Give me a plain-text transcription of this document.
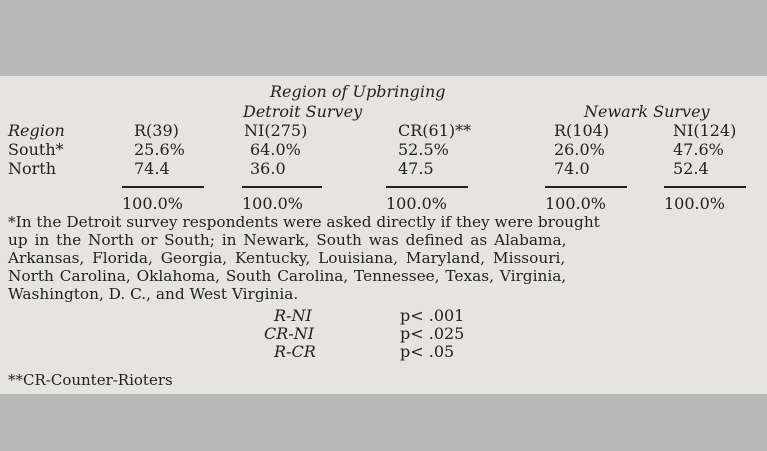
Region of Upbringing
Detroit Survey	Newark Survey
Region	R(39)	NI(275)	CR(61)**	R(104)	NI(124)
South*	25.6%	64.0%	52.5%	26.0%	47.6%
North	74.4	36.0	47.5	74.0	52.4
100.0%	100.0%	100.0%	100.0%	100.0%
*In the Detroit survey respondents were asked directly if they were brought
up in the North or South; in Newark, South was defined as Alabama,
Arkansas, Florida, Georgia, Kentucky, Louisiana, Maryland, Missouri,
North Carolina, Oklahoma, South Carolina, Tennessee, Texas, Virginia,
Washington, D. C., and West Virginia.
R-NI	p< .001
CR-NI	p< .025
R-CR	p< .05
**CR-Counter-Rioters
